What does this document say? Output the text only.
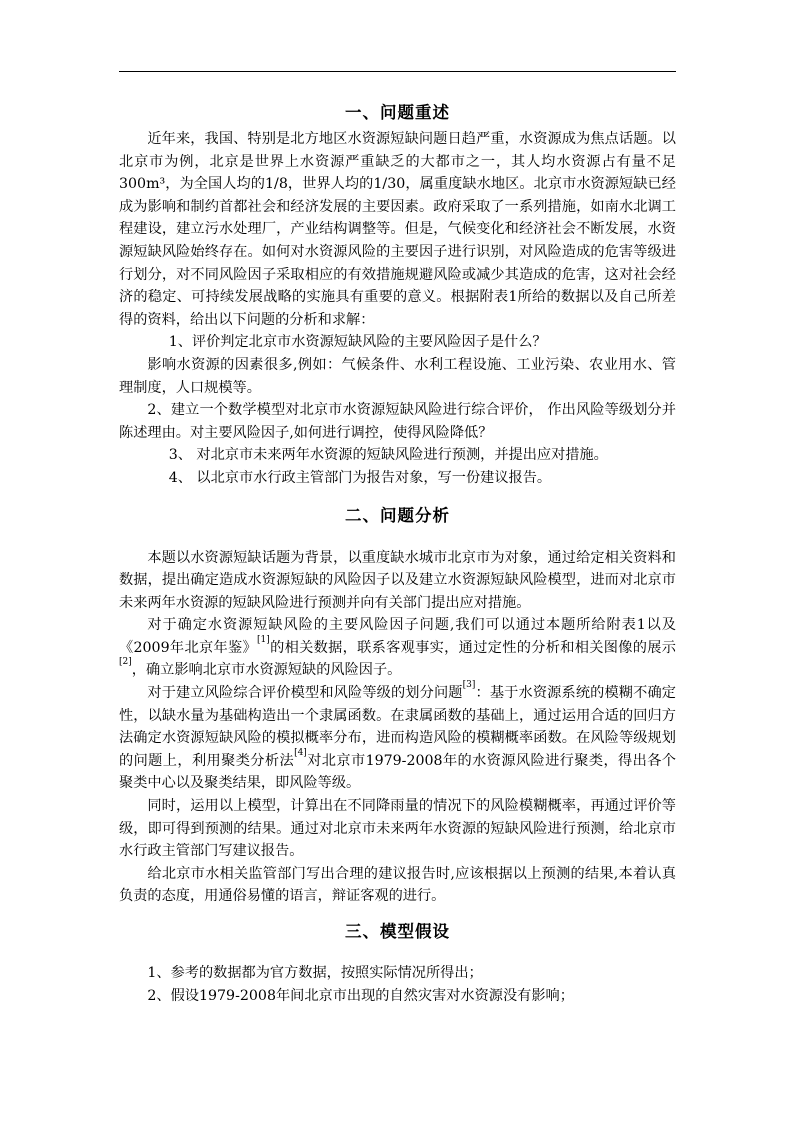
一、问题重述

近年来，我国、特别是北方地区水资源短缺问题日趋严重，水资源成为焦点话题。以北京市为例，北京是世界上水资源严重缺乏的大都市之一，其人均水资源占有量不足300m³，为全国人均的1/8，世界人均的1/30，属重度缺水地区。北京市水资源短缺已经成为影响和制约首都社会和经济发展的主要因素。政府采取了一系列措施，如南水北调工程建设，建立污水处理厂，产业结构调整等。但是，气候变化和经济社会不断发展，水资源短缺风险始终存在。如何对水资源风险的主要因子进行识别，对风险造成的危害等级进行划分，对不同风险因子采取相应的有效措施规避风险或减少其造成的危害，这对社会经济的稳定、可持续发展战略的实施具有重要的意义。根据附表1所给的数据以及自己所差得的资料，给出以下问题的分析和求解：

1、评价判定北京市水资源短缺风险的主要风险因子是什么？

影响水资源的因素很多,例如：气候条件、水利工程设施、工业污染、农业用水、管理制度，人口规模等。

2、建立一个数学模型对北京市水资源短缺风险进行综合评价， 作出风险等级划分并陈述理由。对主要风险因子,如何进行调控，使得风险降低？

3、 对北京市未来两年水资源的短缺风险进行预测，并提出应对措施。

4、 以北京市水行政主管部门为报告对象，写一份建议报告。

二、问题分析

本题以水资源短缺话题为背景，以重度缺水城市北京市为对象，通过给定相关资料和数据，提出确定造成水资源短缺的风险因子以及建立水资源短缺风险模型，进而对北京市未来两年水资源的短缺风险进行预测并向有关部门提出应对措施。

对于确定水资源短缺风险的主要风险因子问题,我们可以通过本题所给附表1以及《2009年北京年鉴》[1]的相关数据，联系客观事实，通过定性的分析和相关图像的展示[2]，确立影响北京市水资源短缺的风险因子。

对于建立风险综合评价模型和风险等级的划分问题[3]：基于水资源系统的模糊不确定性，以缺水量为基础构造出一个隶属函数。在隶属函数的基础上，通过运用合适的回归方法确定水资源短缺风险的模拟概率分布，进而构造风险的模糊概率函数。在风险等级规划的问题上，利用聚类分析法[4]对北京市1979-2008年的水资源风险进行聚类，得出各个聚类中心以及聚类结果，即风险等级。

同时，运用以上模型，计算出在不同降雨量的情况下的风险模糊概率，再通过评价等级，即可得到预测的结果。通过对北京市未来两年水资源的短缺风险进行预测，给北京市水行政主管部门写建议报告。

给北京市水相关监管部门写出合理的建议报告时,应该根据以上预测的结果,本着认真负责的态度，用通俗易懂的语言，辩证客观的进行。

三、模型假设

1、参考的数据都为官方数据，按照实际情况所得出；

2、假设1979-2008年间北京市出现的自然灾害对水资源没有影响；
